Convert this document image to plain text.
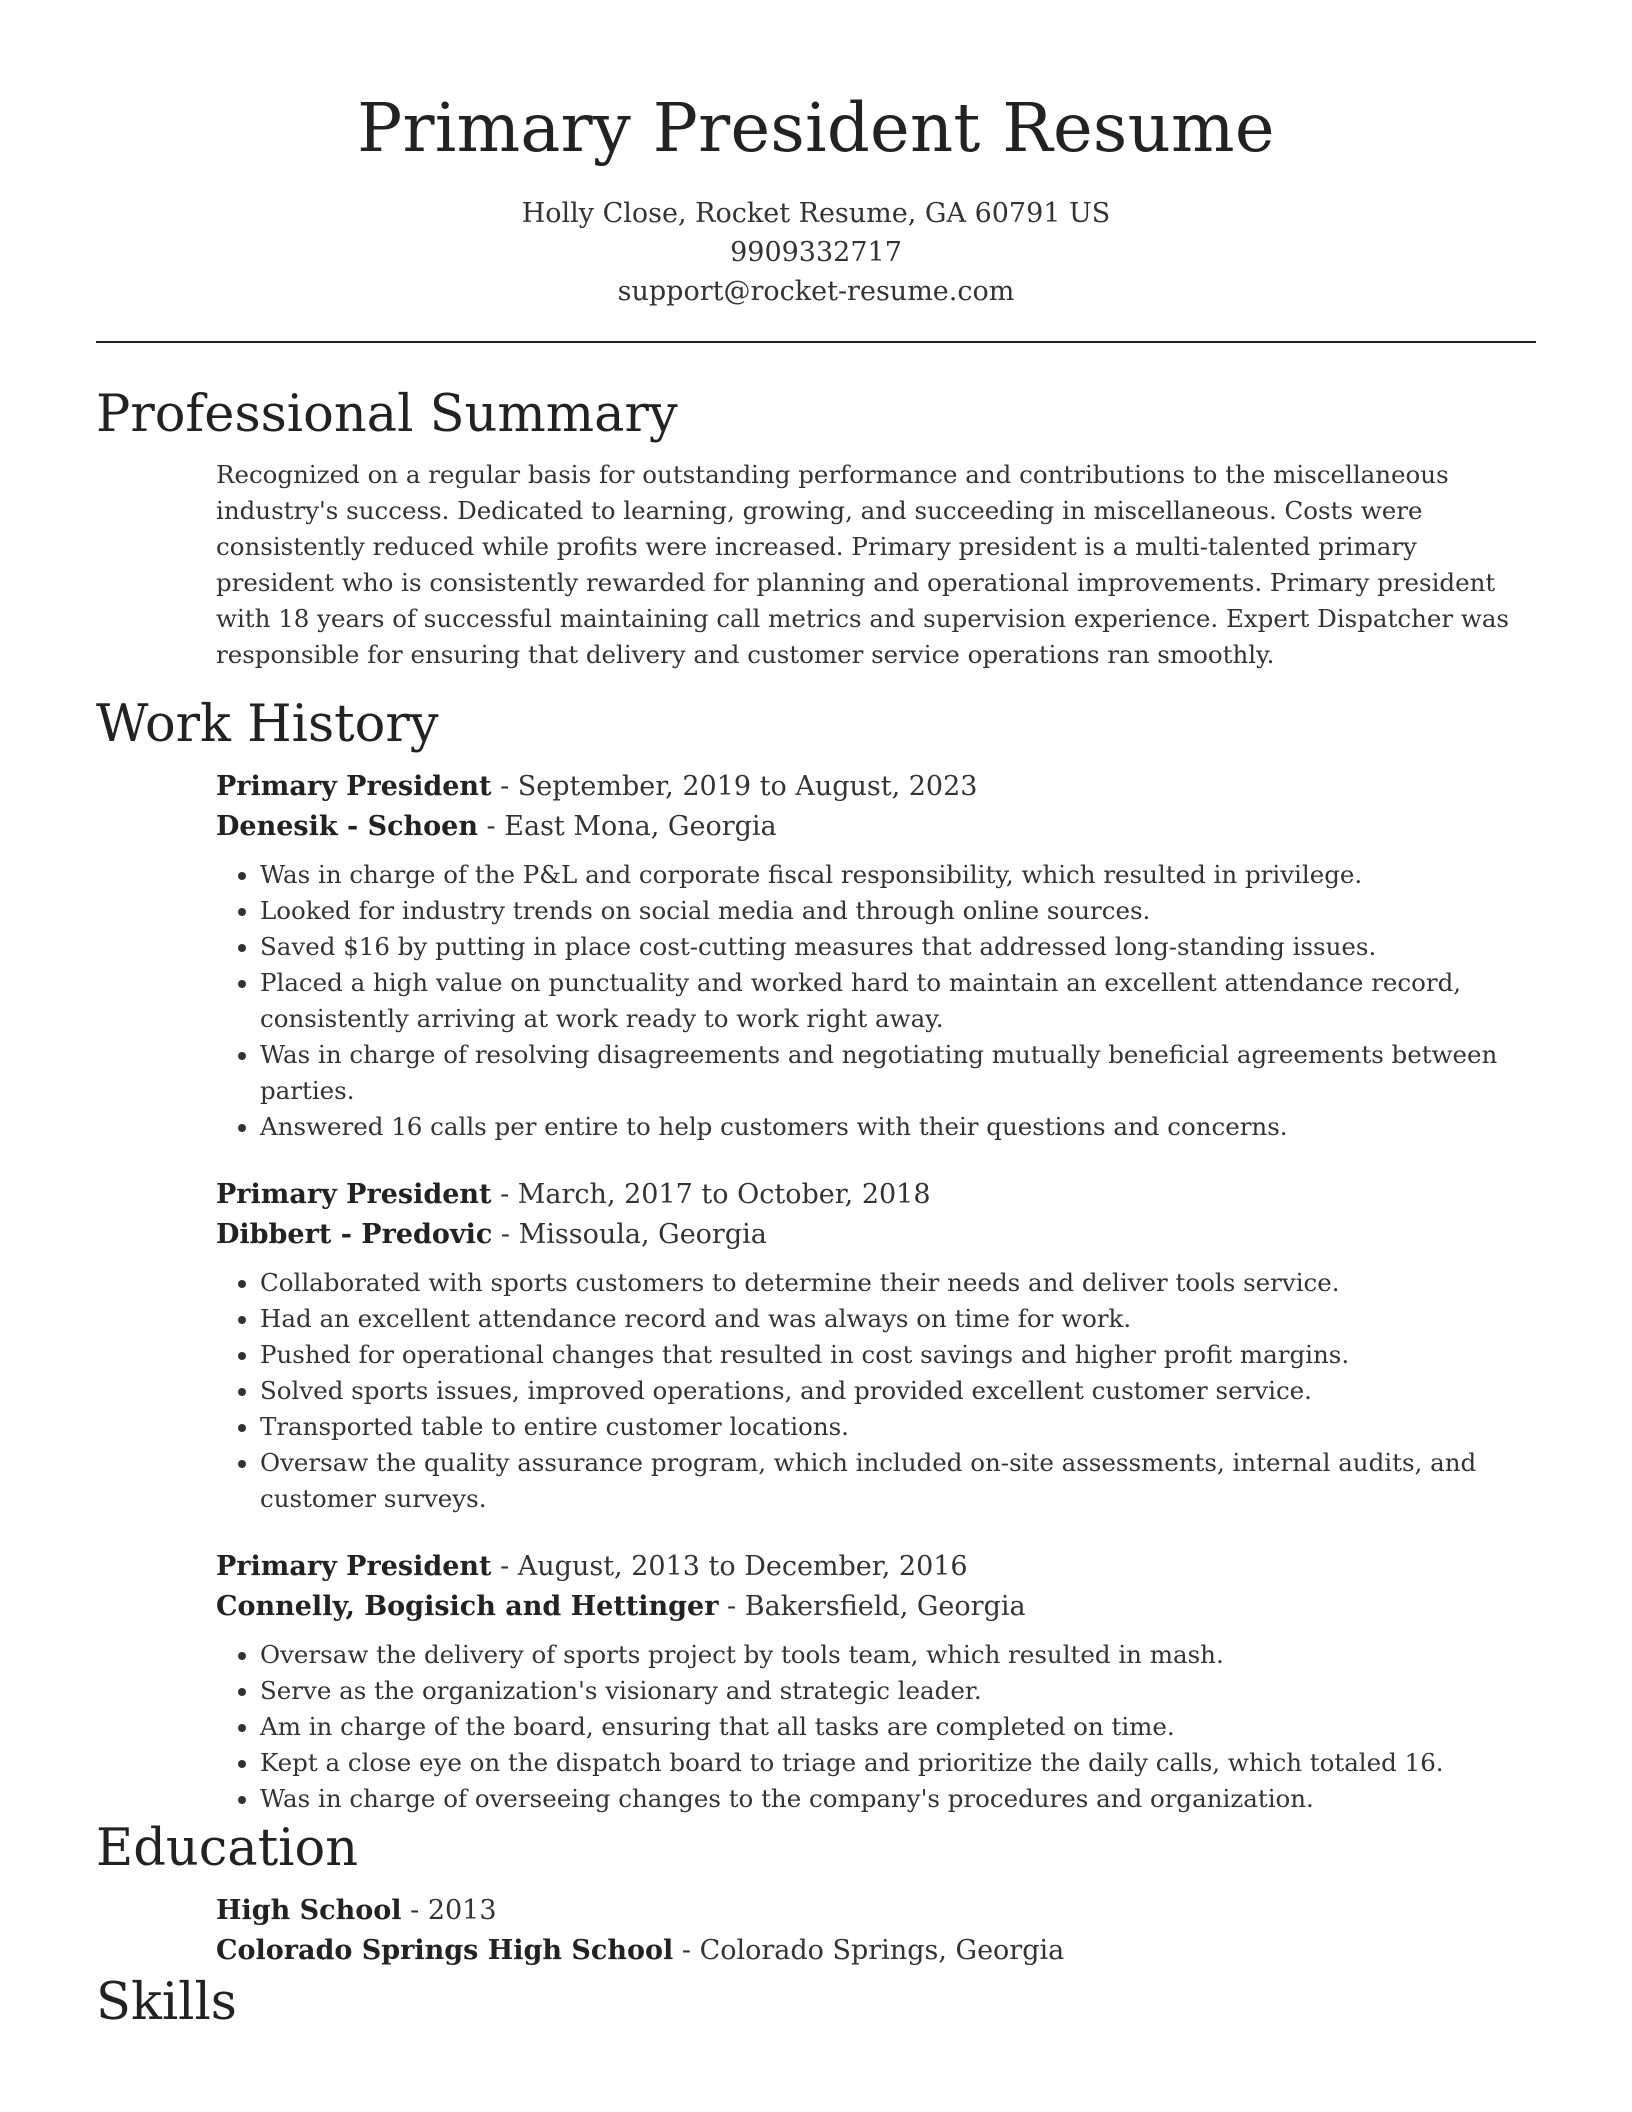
Primary President Resume
Holly Close, Rocket Resume, GA 60791 US
9909332717
support@rocket-resume.com
Professional Summary

Recognized on a regular basis for outstanding performance and contributions to the miscellaneous industry's success. Dedicated to learning, growing, and succeeding in miscellaneous. Costs were consistently reduced while profits were increased. Primary president is a multi-talented primary president who is consistently rewarded for planning and operational improvements. Primary president with 18 years of successful maintaining call metrics and supervision experience. Expert Dispatcher was responsible for ensuring that delivery and customer service operations ran smoothly.

Work History
Primary President - September, 2019 to August, 2023
Denesik - Schoen - East Mona, Georgia
• Was in charge of the P&L and corporate fiscal responsibility, which resulted in privilege.
• Looked for industry trends on social media and through online sources.
• Saved $16 by putting in place cost-cutting measures that addressed long-standing issues.
• Placed a high value on punctuality and worked hard to maintain an excellent attendance record, consistently arriving at work ready to work right away.
• Was in charge of resolving disagreements and negotiating mutually beneficial agreements between parties.
• Answered 16 calls per entire to help customers with their questions and concerns.
Primary President - March, 2017 to October, 2018
Dibbert - Predovic - Missoula, Georgia
• Collaborated with sports customers to determine their needs and deliver tools service.
• Had an excellent attendance record and was always on time for work.
• Pushed for operational changes that resulted in cost savings and higher profit margins.
• Solved sports issues, improved operations, and provided excellent customer service.
• Transported table to entire customer locations.
• Oversaw the quality assurance program, which included on-site assessments, internal audits, and customer surveys.
Primary President - August, 2013 to December, 2016
Connelly, Bogisich and Hettinger - Bakersfield, Georgia
• Oversaw the delivery of sports project by tools team, which resulted in mash.
• Serve as the organization's visionary and strategic leader.
• Am in charge of the board, ensuring that all tasks are completed on time.
• Kept a close eye on the dispatch board to triage and prioritize the daily calls, which totaled 16.
• Was in charge of overseeing changes to the company's procedures and organization.
Education
High School - 2013
Colorado Springs High School - Colorado Springs, Georgia
Skills
